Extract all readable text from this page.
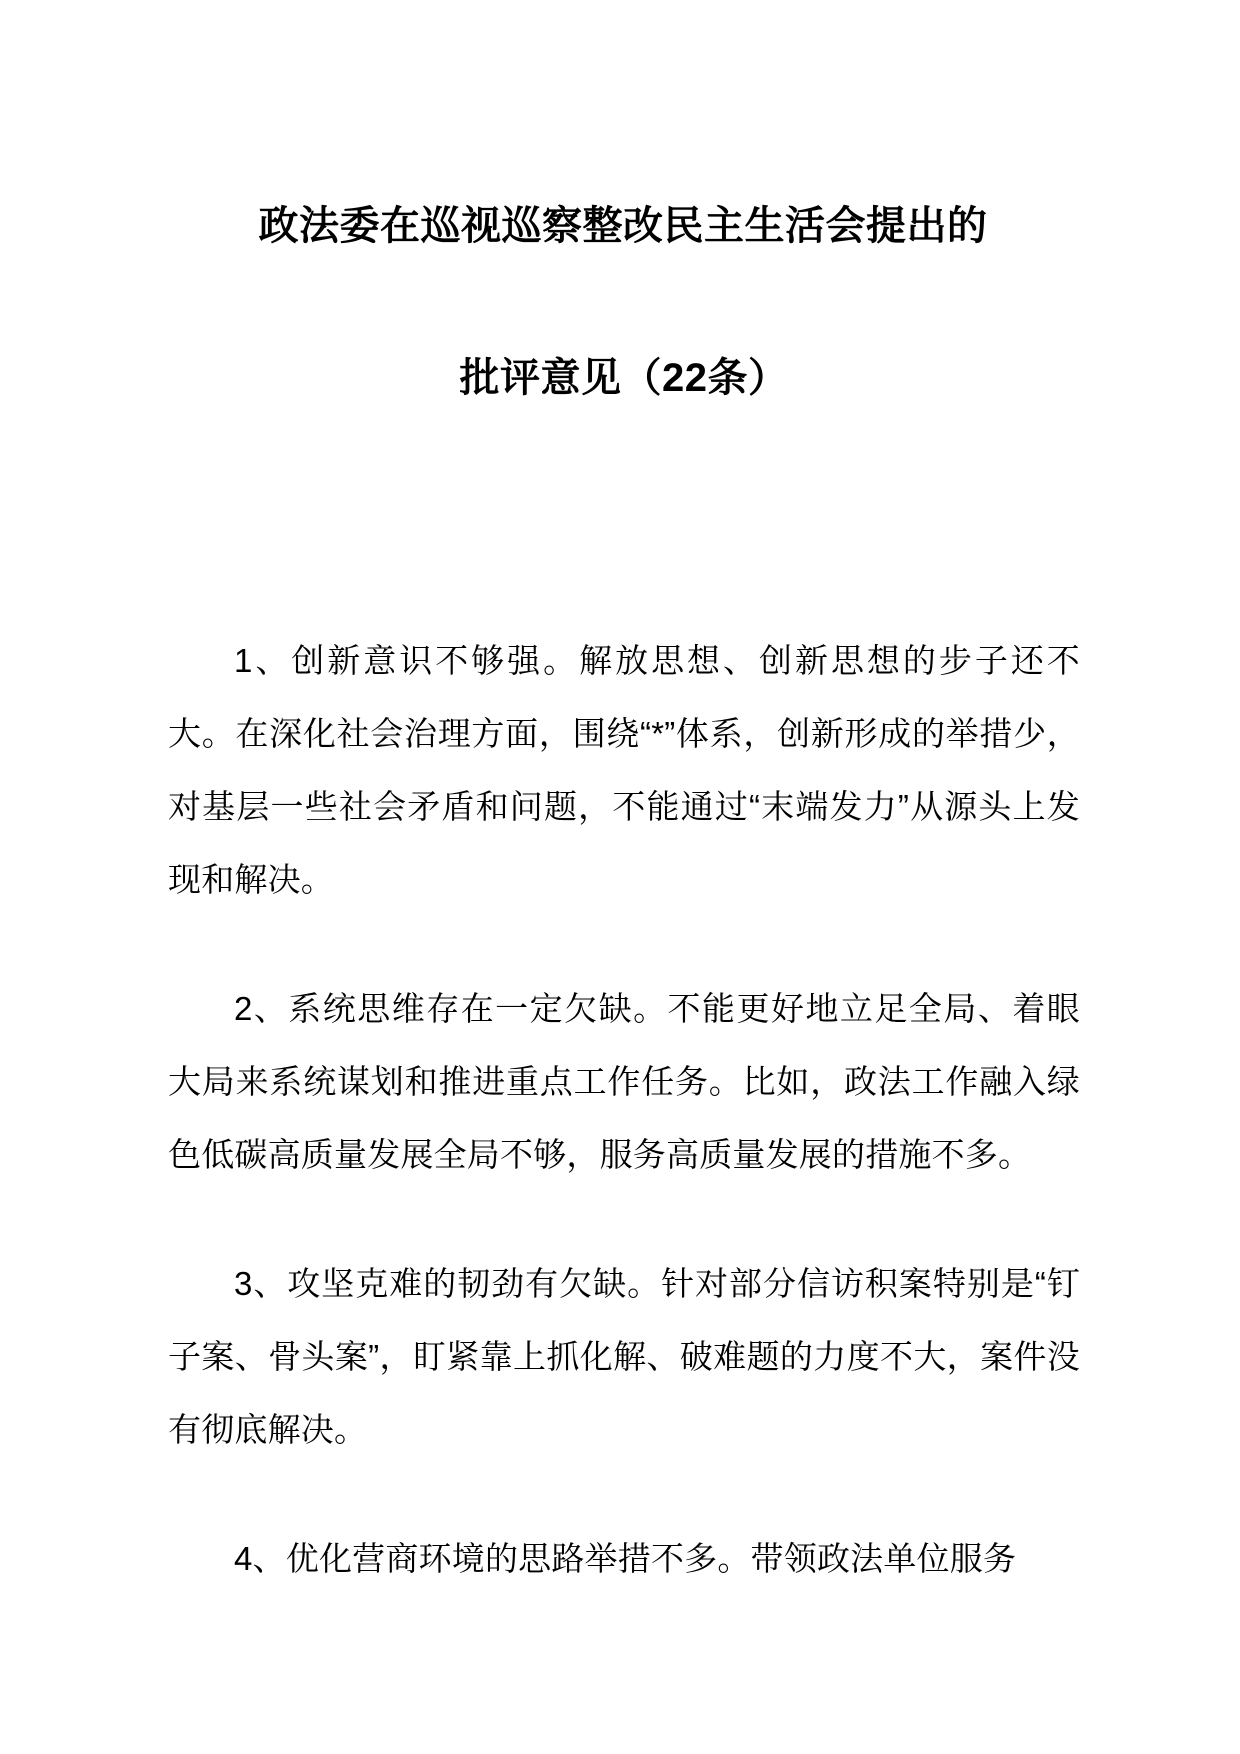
政法委在巡视巡察整改民主生活会提出的
批评意见（22条）

1、创新意识不够强。解放思想、创新思想的步子还不大。在深化社会治理方面，围绕“*”体系，创新形成的举措少，对基层一些社会矛盾和问题，不能通过“末端发力”从源头上发现和解决。

2、系统思维存在一定欠缺。不能更好地立足全局、着眼大局来系统谋划和推进重点工作任务。比如，政法工作融入绿色低碳高质量发展全局不够，服务高质量发展的措施不多。

3、攻坚克难的韧劲有欠缺。针对部分信访积案特别是“钉子案、骨头案”，盯紧靠上抓化解、破难题的力度不大，案件没有彻底解决。

4、优化营商环境的思路举措不多。带领政法单位服务
